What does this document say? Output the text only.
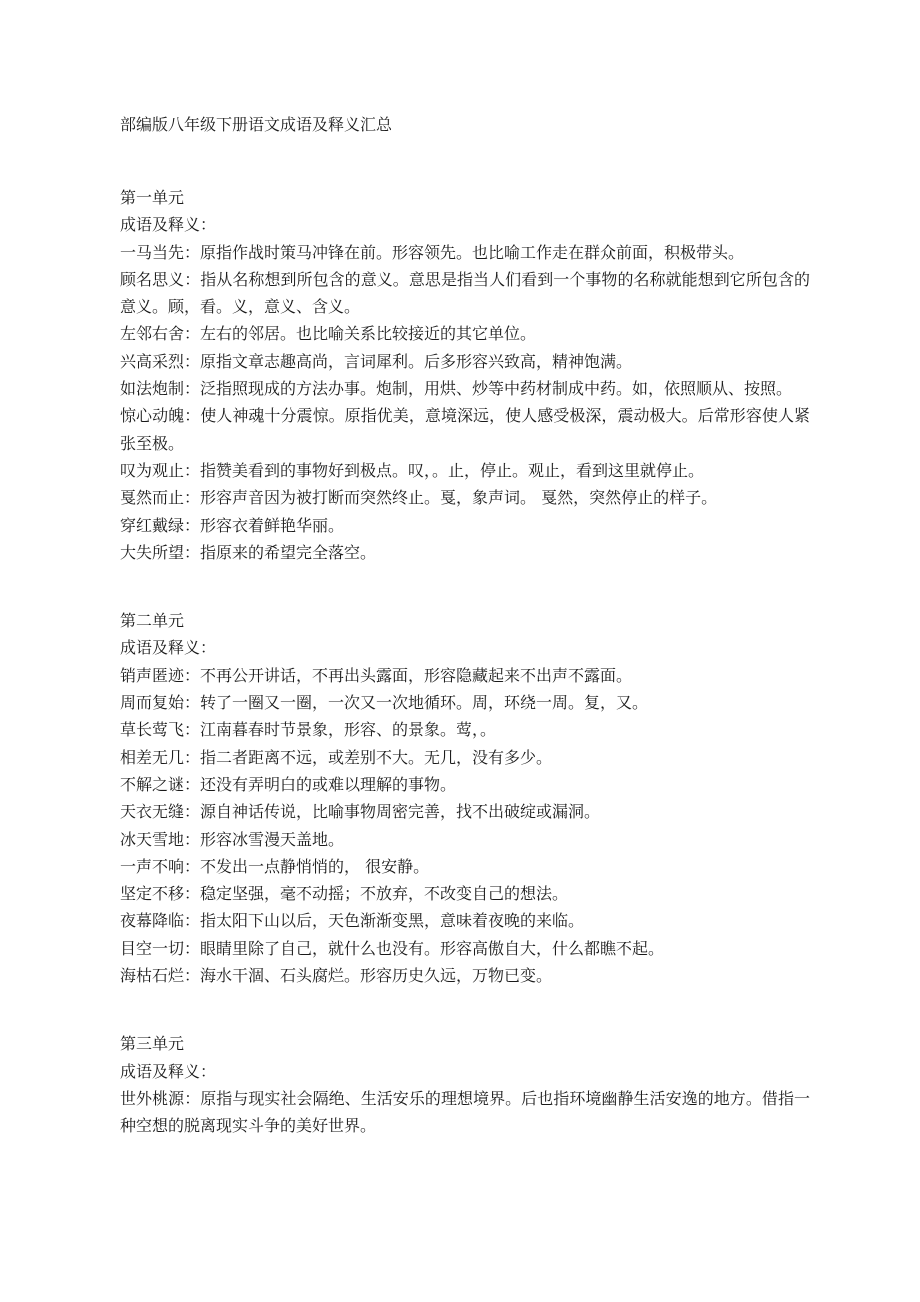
部编版八年级下册语文成语及释义汇总
第一单元
成语及释义：
一马当先：原指作战时策马冲锋在前。形容领先。也比喻工作走在群众前面，积极带头。
顾名思义：指从名称想到所包含的意义。意思是指当人们看到一个事物的名称就能想到它所包含的意义。顾，看。义，意义、含义。
左邻右舍：左右的邻居。也比喻关系比较接近的其它单位。
兴高采烈：原指文章志趣高尚，言词犀利。后多形容兴致高，精神饱满。
如法炮制：泛指照现成的方法办事。炮制，用烘、炒等中药材制成中药。如，依照顺从、按照。
惊心动魄：使人神魂十分震惊。原指优美，意境深远，使人感受极深，震动极大。后常形容使人紧张至极。
叹为观止：指赞美看到的事物好到极点。叹，。止，停止。观止，看到这里就停止。
戛然而止：形容声音因为被打断而突然终止。戛，象声词。 戛然，突然停止的样子。
穿红戴绿：形容衣着鲜艳华丽。
大失所望：指原来的希望完全落空。
第二单元
成语及释义：
销声匿迹：不再公开讲话，不再出头露面，形容隐藏起来不出声不露面。
周而复始：转了一圈又一圈，一次又一次地循环。周，环绕一周。复，又。
草长莺飞：江南暮春时节景象，形容、的景象。莺，。
相差无几：指二者距离不远，或差别不大。无几，没有多少。
不解之谜：还没有弄明白的或难以理解的事物。
天衣无缝：源自神话传说，比喻事物周密完善，找不出破绽或漏洞。
冰天雪地：形容冰雪漫天盖地。
一声不响：不发出一点静悄悄的， 很安静。
坚定不移：稳定坚强，毫不动摇；不放弃，不改变自己的想法。
夜幕降临：指太阳下山以后，天色渐渐变黑，意味着夜晚的来临。
目空一切：眼睛里除了自己，就什么也没有。形容高傲自大，什么都瞧不起。
海枯石烂：海水干涸、石头腐烂。形容历史久远，万物已变。
第三单元
成语及释义：
世外桃源：原指与现实社会隔绝、生活安乐的理想境界。后也指环境幽静生活安逸的地方。借指一种空想的脱离现实斗争的美好世界。
